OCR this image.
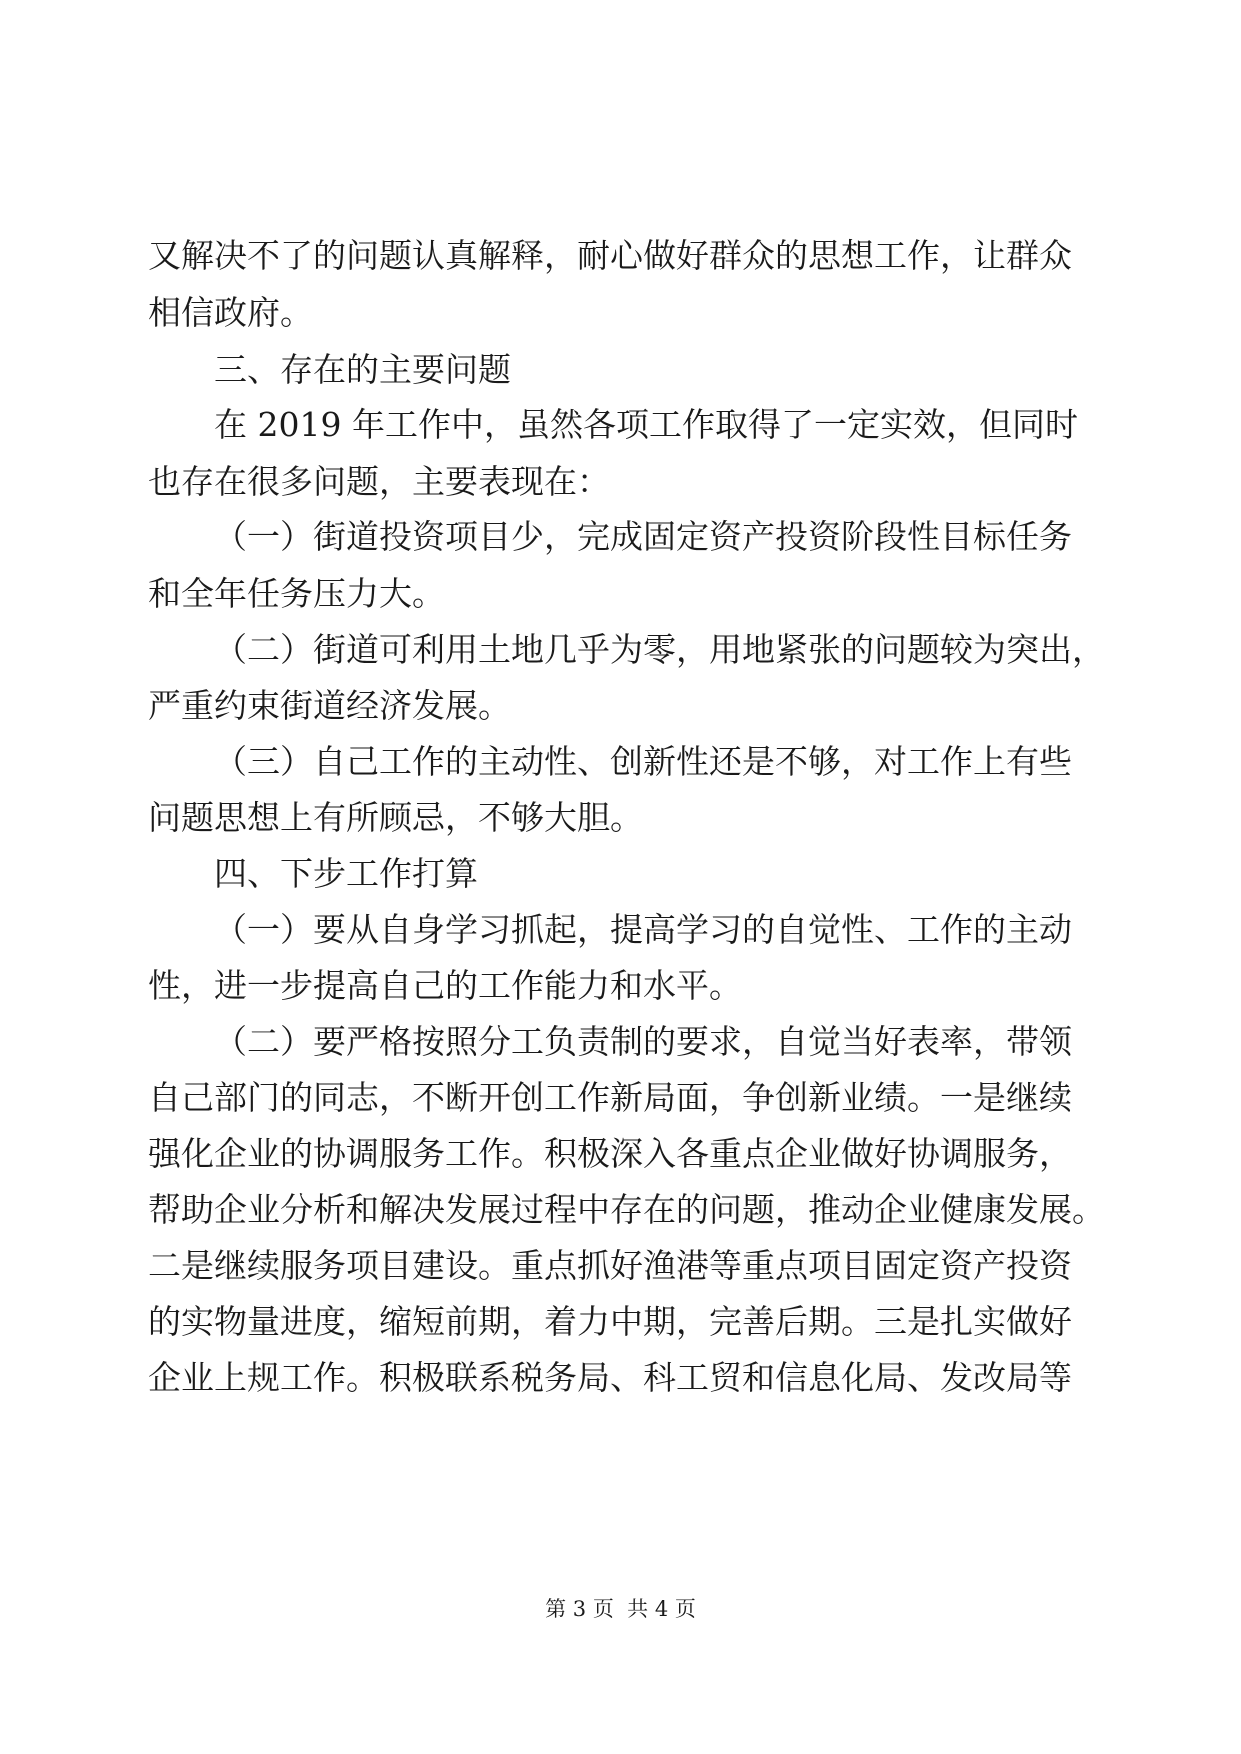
又解决不了的问题认真解释，耐心做好群众的思想工作，让群众
相信政府。
三、存在的主要问题
在 2019 年工作中，虽然各项工作取得了一定实效，但同时
也存在很多问题，主要表现在：
（一）街道投资项目少，完成固定资产投资阶段性目标任务
和全年任务压力大。
（二）街道可利用土地几乎为零，用地紧张的问题较为突出，
严重约束街道经济发展。
（三）自己工作的主动性、创新性还是不够，对工作上有些
问题思想上有所顾忌，不够大胆。
四、下步工作打算
（一）要从自身学习抓起，提高学习的自觉性、工作的主动
性，进一步提高自己的工作能力和水平。
（二）要严格按照分工负责制的要求，自觉当好表率，带领
自己部门的同志，不断开创工作新局面，争创新业绩。一是继续
强化企业的协调服务工作。积极深入各重点企业做好协调服务，
帮助企业分析和解决发展过程中存在的问题，推动企业健康发展。
二是继续服务项目建设。重点抓好渔港等重点项目固定资产投资
的实物量进度，缩短前期，着力中期，完善后期。三是扎实做好
企业上规工作。积极联系税务局、科工贸和信息化局、发改局等
第 3 页  共 4 页
